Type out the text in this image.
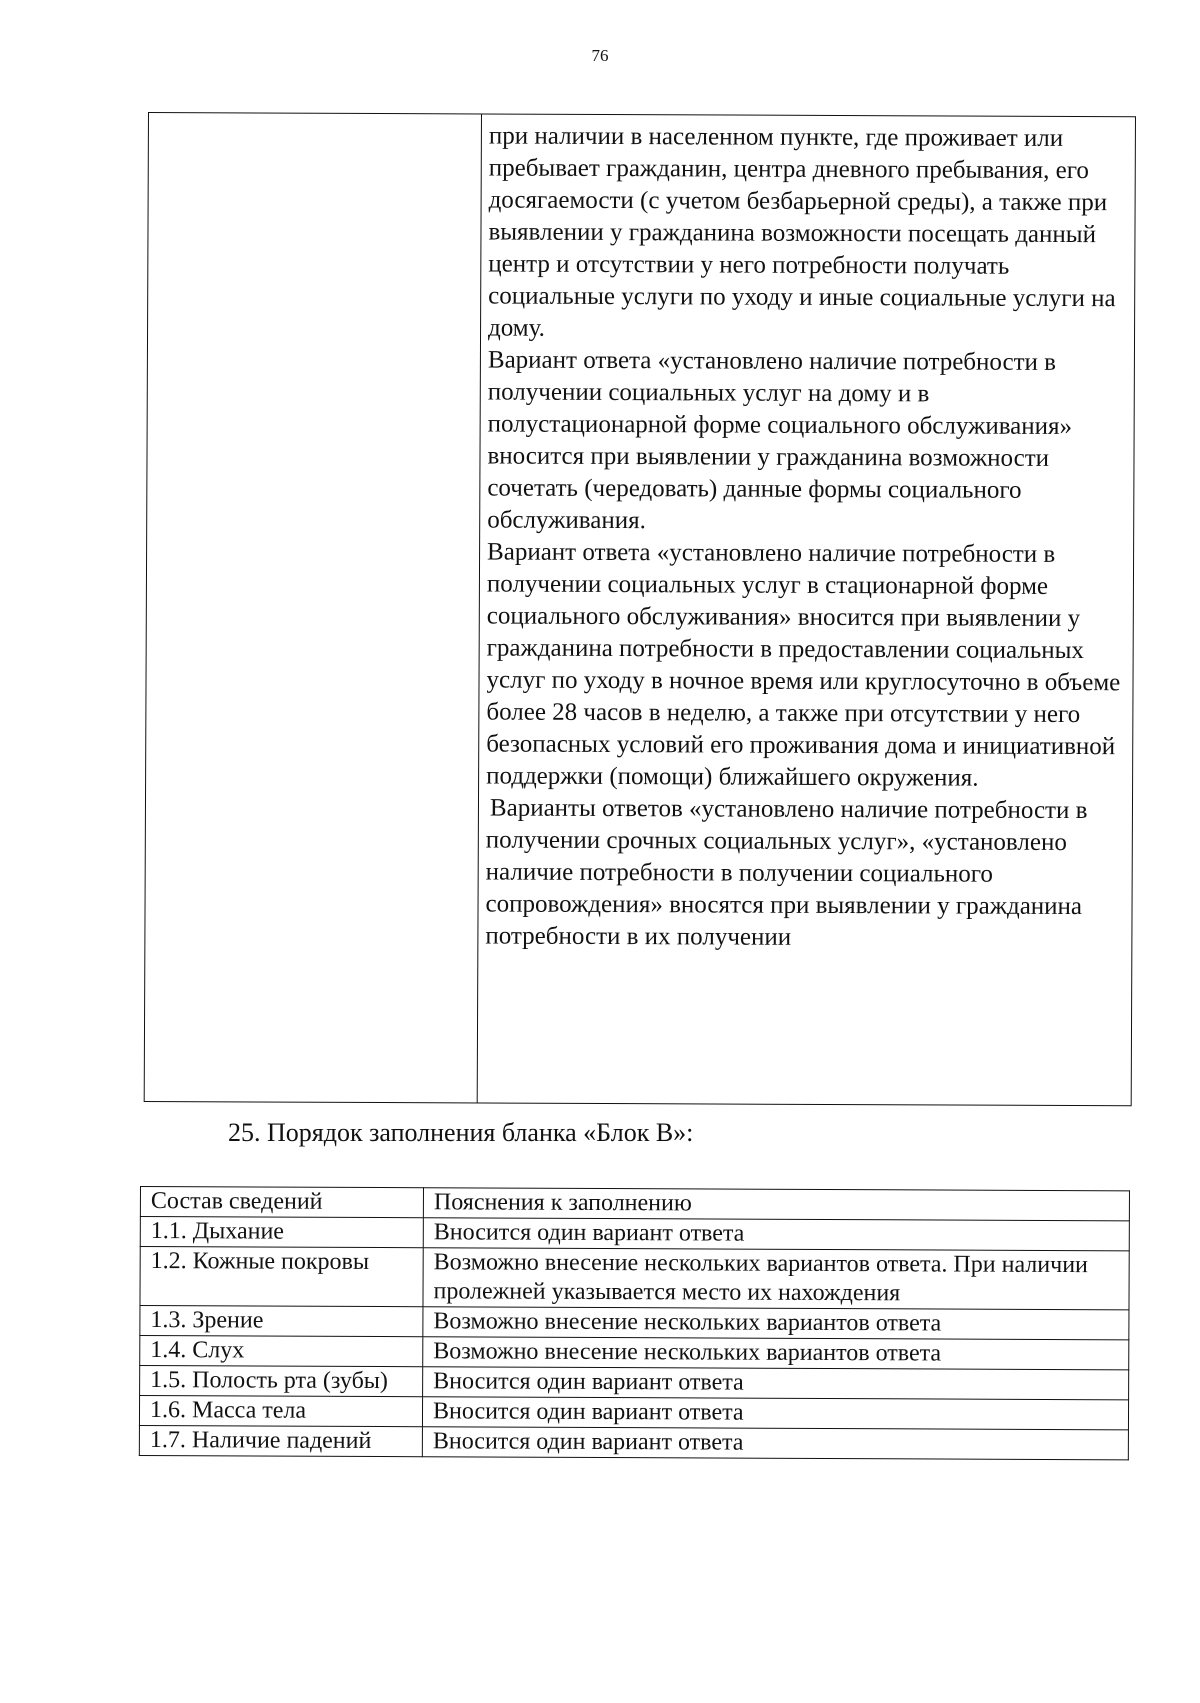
76

при наличии в населенном пункте, где проживает или пребывает гражданин, центра дневного пребывания, его досягаемости (с учетом безбарьерной среды), а также при выявлении у гражданина возможности посещать данный центр и отсутствии у него потребности получать социальные услуги по уходу и иные социальные услуги на дому.

Вариант ответа «установлено наличие потребности в получении социальных услуг на дому и в полустационарной форме социального обслуживания» вносится при выявлении у гражданина возможности сочетать (чередовать) данные формы социального обслуживания.

Вариант ответа «установлено наличие потребности в получении социальных услуг в стационарной форме социального обслуживания» вносится при выявлении у гражданина потребности в предоставлении социальных услуг по уходу в ночное время или круглосуточно в объеме более 28 часов в неделю, а также при отсутствии у него безопасных условий его проживания дома и инициативной поддержки (помощи) ближайшего окружения.

Варианты ответов «установлено наличие потребности в получении срочных социальных услуг», «установлено наличие потребности в получении социального сопровождения» вносятся при выявлении у гражданина потребности в их получении

25. Порядок заполнения бланка «Блок В»:
Состав сведений	Пояснения к заполнению
1.1. Дыхание	Вносится один вариант ответа
1.2. Кожные покровы	Возможно внесение нескольких вариантов ответа. При наличии пролежней указывается место их нахождения
1.3. Зрение	Возможно внесение нескольких вариантов ответа
1.4. Слух	Возможно внесение нескольких вариантов ответа
1.5. Полость рта (зубы)	Вносится один вариант ответа
1.6. Масса тела	Вносится один вариант ответа
1.7. Наличие падений	Вносится один вариант ответа
